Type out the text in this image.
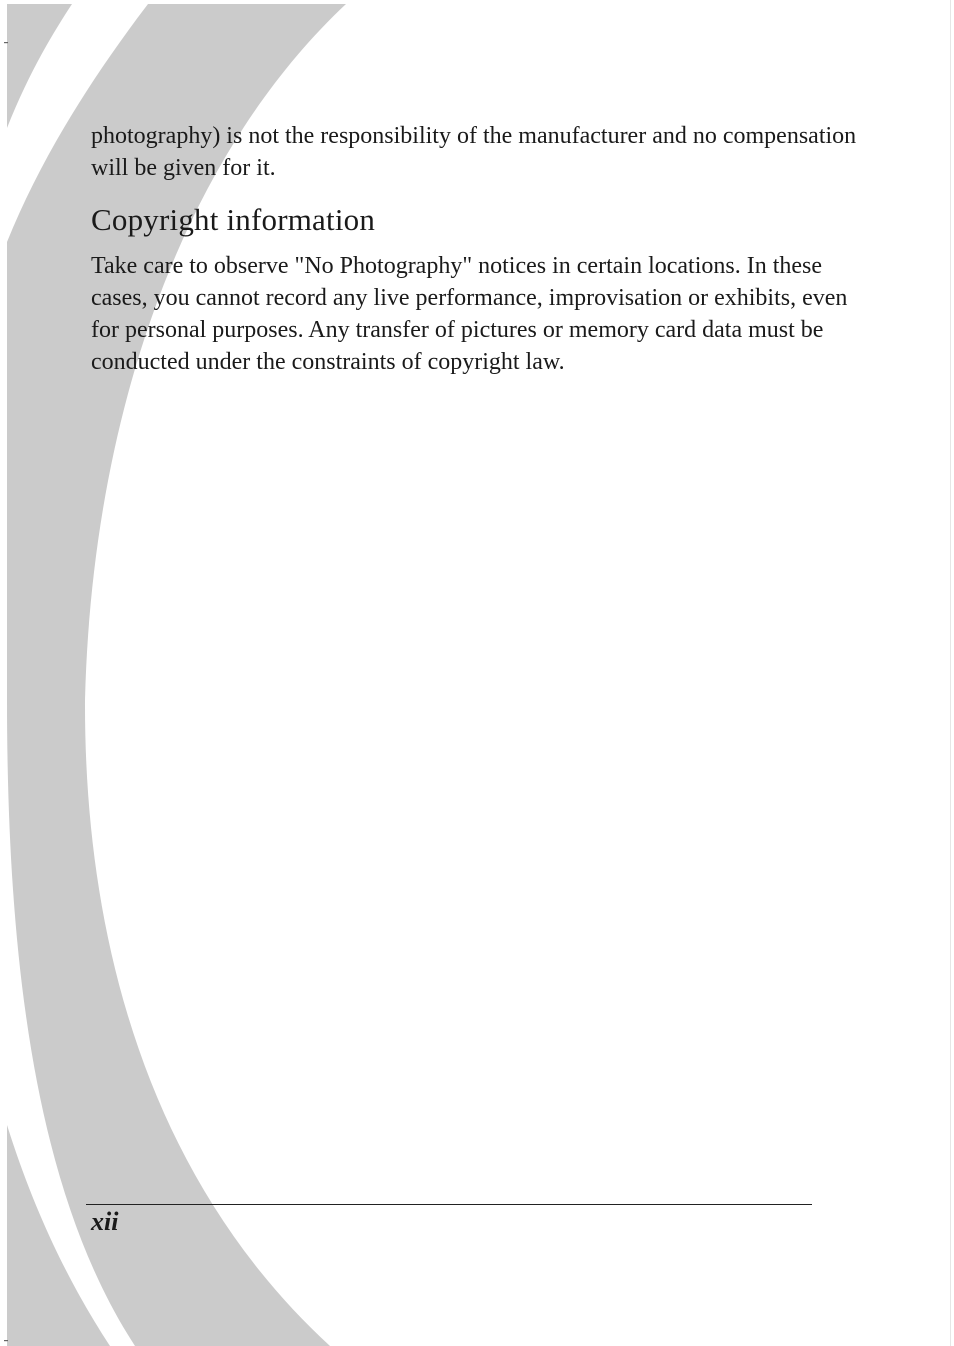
photography) is not the responsibility of the manufacturer and no compensation will be given for it.

Copyright information

Take care to observe "No Photography" notices in certain locations. In these cases, you cannot record any live performance, improvisation or exhibits, even for personal purposes. Any transfer of pictures or memory card data must be conducted under the constraints of copyright law.

xii
